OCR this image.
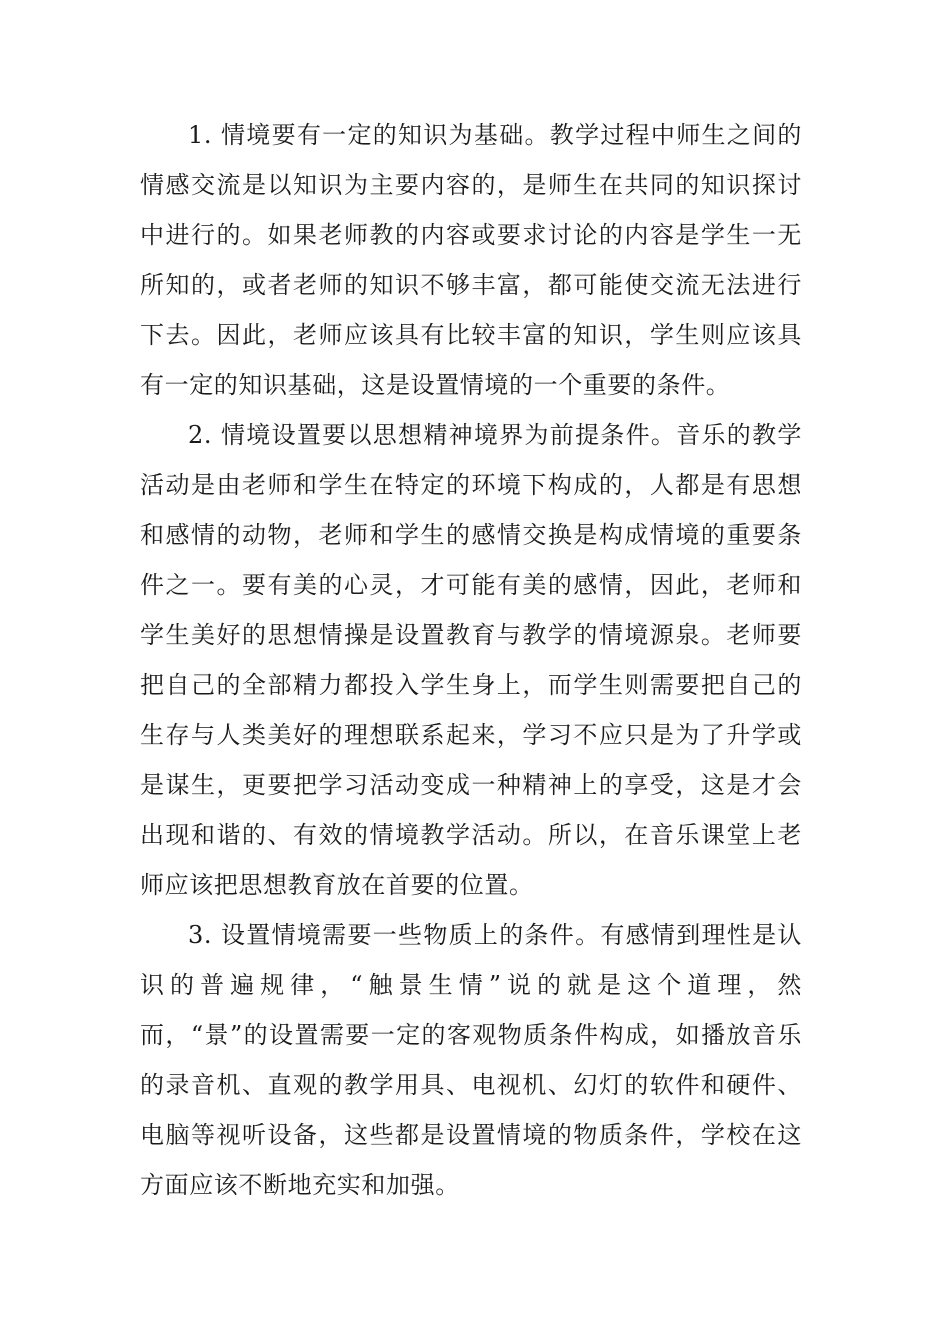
1. 情境要有一定的知识为基础。教学过程中师生之间的情感交流是以知识为主要内容的，是师生在共同的知识探讨中进行的。如果老师教的内容或要求讨论的内容是学生一无所知的，或者老师的知识不够丰富，都可能使交流无法进行下去。因此，老师应该具有比较丰富的知识，学生则应该具有一定的知识基础，这是设置情境的一个重要的条件。

2. 情境设置要以思想精神境界为前提条件。音乐的教学活动是由老师和学生在特定的环境下构成的，人都是有思想和感情的动物，老师和学生的感情交换是构成情境的重要条件之一。要有美的心灵，才可能有美的感情，因此，老师和学生美好的思想情操是设置教育与教学的情境源泉。老师要把自己的全部精力都投入学生身上，而学生则需要把自己的生存与人类美好的理想联系起来，学习不应只是为了升学或是谋生，更要把学习活动变成一种精神上的享受，这是才会出现和谐的、有效的情境教学活动。所以，在音乐课堂上老师应该把思想教育放在首要的位置。

3. 设置情境需要一些物质上的条件。有感情到理性是认识的普遍规律，“触景生情”说的就是这个道理，然而，“景”的设置需要一定的客观物质条件构成，如播放音乐的录音机、直观的教学用具、电视机、幻灯的软件和硬件、电脑等视听设备，这些都是设置情境的物质条件，学校在这方面应该不断地充实和加强。
